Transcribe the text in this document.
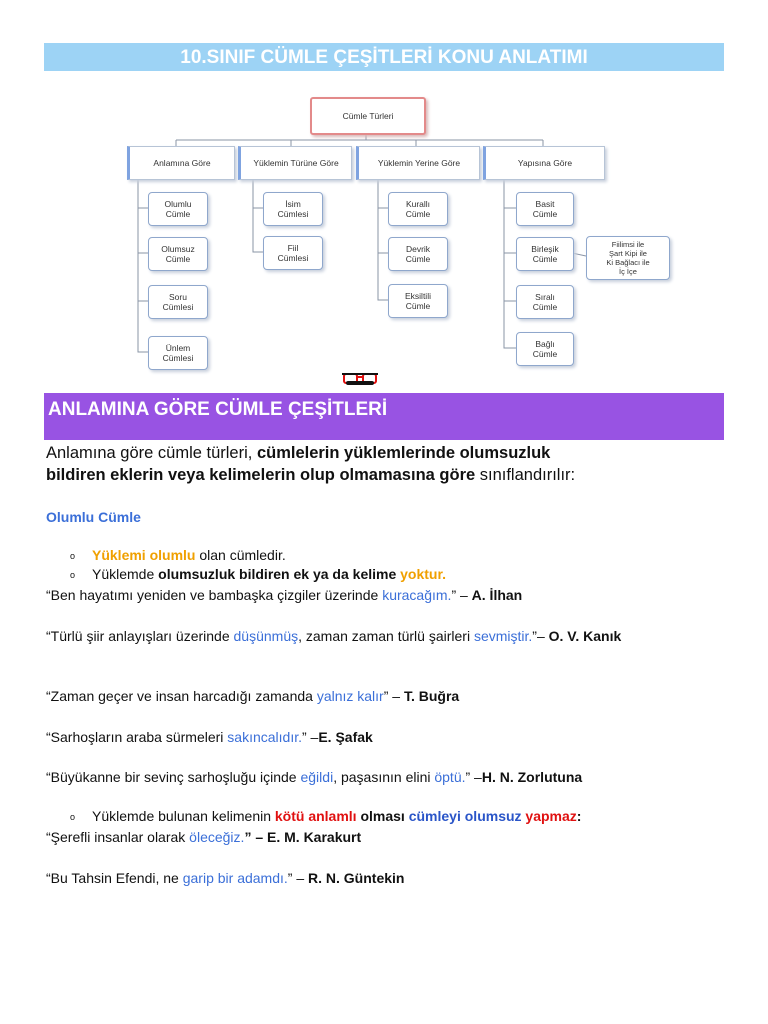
10.SINIF CÜMLE ÇEŞİTLERİ KONU ANLATIMI
Cümle Türleri
Anlamına Göre	Yüklemin Türüne Göre	Yüklemin Yerine Göre	Yapısına Göre
Olumlu
Cümle
Olumsuz
Cümle
Soru
Cümlesi
Ünlem
Cümlesi
İsim
Cümlesi
Fiil
Cümlesi
Kurallı
Cümle
Devrik
Cümle
Eksiltili
Cümle
Basit
Cümle
Birleşik
Cümle
Sıralı
Cümle
Bağlı
Cümle
Fiilimsi ile
Şart Kipi ile
Ki Bağlacı ile
İç İçe
ANLAMINA GÖRE CÜMLE ÇEŞİTLERİ
Anlamına göre cümle türleri, cümlelerin yüklemlerinde olumsuzluk
bildiren eklerin veya kelimelerin olup olmamasına göre sınıflandırılır:
Olumlu Cümle
o Yüklemi olumlu olan cümledir.
o Yüklemde olumsuzluk bildiren ek ya da kelime yoktur.
“Ben hayatımı yeniden ve bambaşka çizgiler üzerinde kuracağım.” – A. İlhan
“Türlü şiir anlayışları üzerinde düşünmüş, zaman zaman türlü şairleri sevmiştir.”– O. V. Kanık
“Zaman geçer ve insan harcadığı zamanda yalnız kalır” – T. Buğra
“Sarhoşların araba sürmeleri sakıncalıdır.” –E. Şafak
“Büyükanne bir sevinç sarhoşluğu içinde eğildi, paşasının elini öptü.” –H. N. Zorlutuna
o Yüklemde bulunan kelimenin kötü anlamlı olması cümleyi olumsuz yapmaz:
“Şerefli insanlar olarak öleceğiz.” – E. M. Karakurt
“Bu Tahsin Efendi, ne garip bir adamdı.” – R. N. Güntekin
